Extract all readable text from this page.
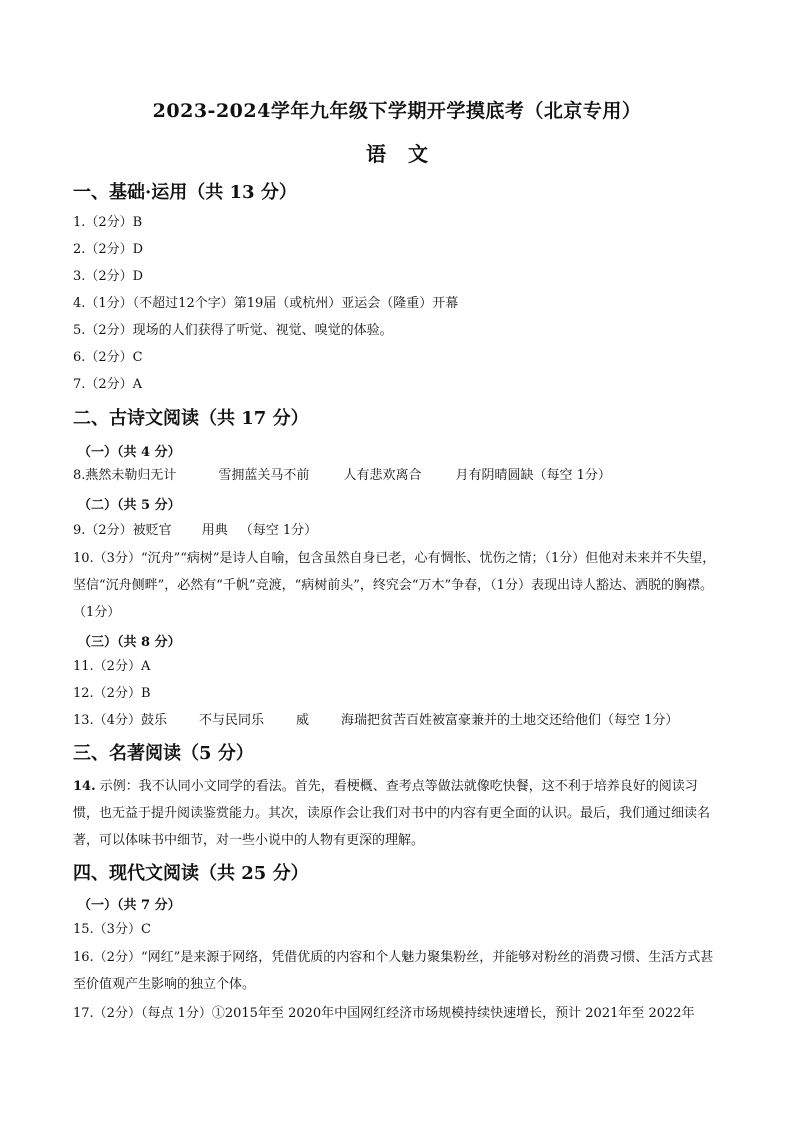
2023-2024学年九年级下学期开学摸底考（北京专用）
语文
一、基础·运用（共 13 分）
1.（2分）B
2.（2分）D
3.（2分）D
4.（1分）（不超过12个字）第19届（或杭州）亚运会（隆重）开幕
5.（2分）现场的人们获得了听觉、视觉、嗅觉的体验。
6.（2分）C
7.（2分）A
二、古诗文阅读（共 17 分）
（一）（共 4 分）
8.燕然未勒归无计	雪拥蓝关马不前	人有悲欢离合	月有阴晴圆缺（每空 1分）
（二）（共 5 分）
9.（2分）被贬官 用典 （每空 1分）
10.（3分）“沉舟”“病树”是诗人自喻，包含虽然自身已老，心有惆怅、忧伤之情；（1分）但他对未来并不失望，坚信“沉舟侧畔”，必然有“千帆”竞渡，“病树前头”，终究会“万木”争春，（1分）表现出诗人豁达、洒脱的胸襟。（1分）
（三）（共 8 分）
11.（2分）A
12.（2分）B
13.（4分）鼓乐 不与民同乐 威 海瑞把贫苦百姓被富豪兼并的土地交还给他们（每空 1分）
三、名著阅读（5 分）
14. 示例：我不认同小文同学的看法。首先，看梗概、查考点等做法就像吃快餐，这不利于培养良好的阅读习惯，也无益于提升阅读鉴赏能力。其次，读原作会让我们对书中的内容有更全面的认识。最后，我们通过细读名著，可以体味书中细节，对一些小说中的人物有更深的理解。
四、现代文阅读（共 25 分）
（一）（共 7 分）
15.（3分）C
16.（2分）“网红”是来源于网络，凭借优质的内容和个人魅力聚集粉丝，并能够对粉丝的消费习惯、生活方式甚至价值观产生影响的独立个体。
17.（2分）（每点 1分）①2015年至 2020年中国网红经济市场规模持续快速增长，预计 2021年至 2022年
